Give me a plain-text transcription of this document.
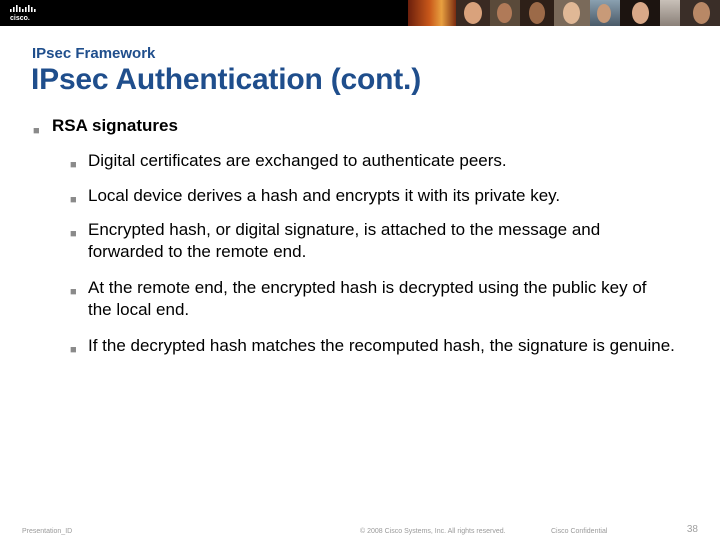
cisco.
IPsec Framework
IPsec Authentication (cont.)
■ RSA signatures
■ Digital certificates are exchanged to authenticate peers.
■ Local device derives a hash and encrypts it with its private key.
■ Encrypted hash, or digital signature, is attached to the message and forwarded to the remote end.
■ At the remote end, the encrypted hash is decrypted using the public key of the local end.
■ If the decrypted hash matches the recomputed hash, the signature is genuine.
Presentation_ID	© 2008 Cisco Systems, Inc. All rights reserved.	Cisco Confidential	38
